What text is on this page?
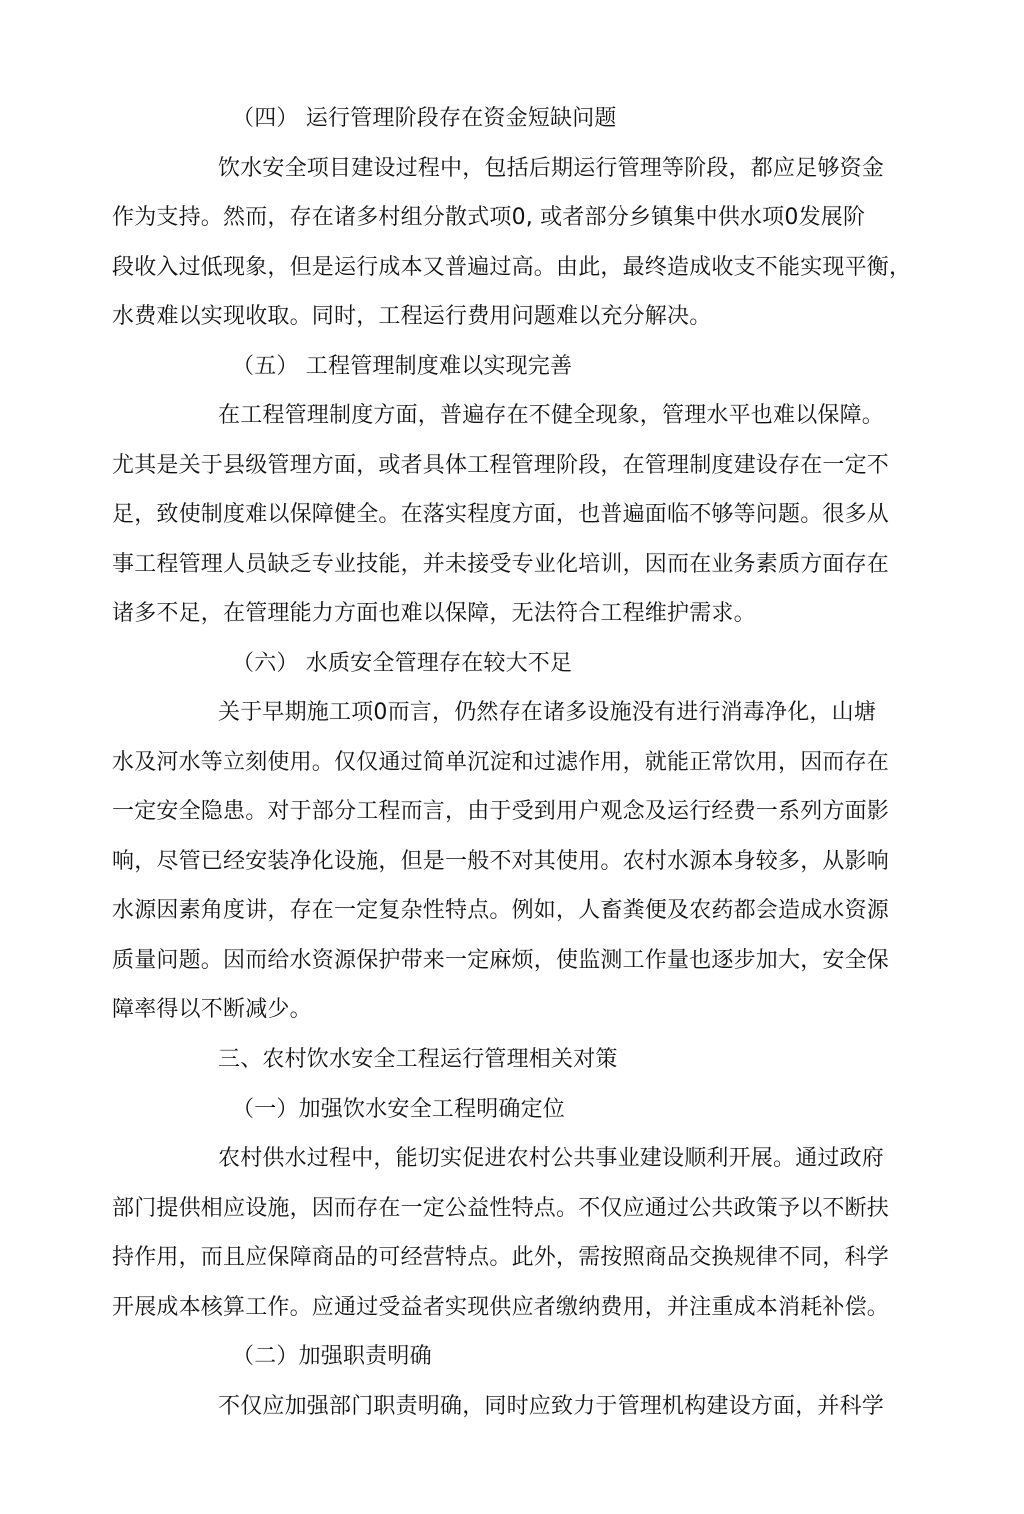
（四） 运行管理阶段存在资金短缺问题
饮水安全项目建设过程中，包括后期运行管理等阶段，都应足够资金
作为支持。然而，存在诸多村组分散式项0, 或者部分乡镇集中供水项0发展阶
段收入过低现象，但是运行成本又普遍过高。由此，最终造成收支不能实现平衡，
水费难以实现收取。同时，工程运行费用问题难以充分解决。
（五） 工程管理制度难以实现完善
在工程管理制度方面，普遍存在不健全现象，管理水平也难以保障。
尤其是关于县级管理方面，或者具体工程管理阶段，在管理制度建设存在一定不
足，致使制度难以保障健全。在落实程度方面，也普遍面临不够等问题。很多从
事工程管理人员缺乏专业技能，并未接受专业化培训，因而在业务素质方面存在
诸多不足，在管理能力方面也难以保障，无法符合工程维护需求。
（六） 水质安全管理存在较大不足
关于早期施工项0而言，仍然存在诸多设施没有进行消毒净化，山塘
水及河水等立刻使用。仅仅通过简单沉淀和过滤作用，就能正常饮用，因而存在
一定安全隐患。对于部分工程而言，由于受到用户观念及运行经费一系列方面影
响，尽管已经安装净化设施，但是一般不对其使用。农村水源本身较多，从影响
水源因素角度讲，存在一定复杂性特点。例如，人畜粪便及农药都会造成水资源
质量问题。因而给水资源保护带来一定麻烦，使监测工作量也逐步加大，安全保
障率得以不断减少。
三、农村饮水安全工程运行管理相关对策
（一）加强饮水安全工程明确定位
农村供水过程中，能切实促进农村公共事业建设顺利开展。通过政府
部门提供相应设施，因而存在一定公益性特点。不仅应通过公共政策予以不断扶
持作用，而且应保障商品的可经营特点。此外，需按照商品交换规律不同，科学
开展成本核算工作。应通过受益者实现供应者缴纳费用，并注重成本消耗补偿。
（二）加强职责明确
不仅应加强部门职责明确，同时应致力于管理机构建设方面，并科学
